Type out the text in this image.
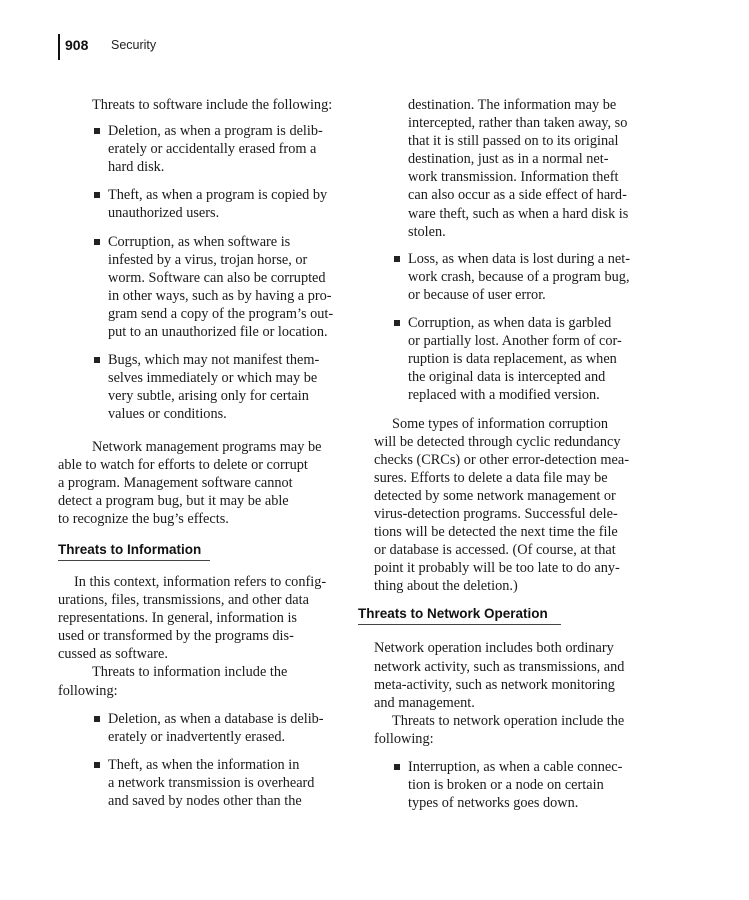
908 Security

Threats to software include the following:

Deletion, as when a program is delib-
erately or accidentally erased from a
hard disk.
Theft, as when a program is copied by
unauthorized users.
Corruption, as when software is
infested by a virus, trojan horse, or
worm. Software can also be corrupted
in other ways, such as by having a pro-
gram send a copy of the program’s out-
put to an unauthorized file or location.
Bugs, which may not manifest them-
selves immediately or which may be
very subtle, arising only for certain
values or conditions.

Network management programs may be
able to watch for efforts to delete or corrupt
a program. Management software cannot
detect a program bug, but it may be able
to recognize the bug’s effects.

Threats to Information

In this context, information refers to config-
urations, files, transmissions, and other data
representations. In general, information is
used or transformed by the programs dis-
cussed as software.

Threats to information include the
following:

Deletion, as when a database is delib-
erately or inadvertently erased.
Theft, as when the information in
a network transmission is overheard
and saved by nodes other than the

destination. The information may be
intercepted, rather than taken away, so
that it is still passed on to its original
destination, just as in a normal net-
work transmission. Information theft
can also occur as a side effect of hard-
ware theft, such as when a hard disk is
stolen.

Loss, as when data is lost during a net-
work crash, because of a program bug,
or because of user error.
Corruption, as when data is garbled
or partially lost. Another form of cor-
ruption is data replacement, as when
the original data is intercepted and
replaced with a modified version.

Some types of information corruption
will be detected through cyclic redundancy
checks (CRCs) or other error-detection mea-
sures. Efforts to delete a data file may be
detected by some network management or
virus-detection programs. Successful dele-
tions will be detected the next time the file
or database is accessed. (Of course, at that
point it probably will be too late to do any-
thing about the deletion.)

Threats to Network Operation

Network operation includes both ordinary
network activity, such as transmissions, and
meta-activity, such as network monitoring
and management.

Threats to network operation include the
following:

Interruption, as when a cable connec-
tion is broken or a node on certain
types of networks goes down.
